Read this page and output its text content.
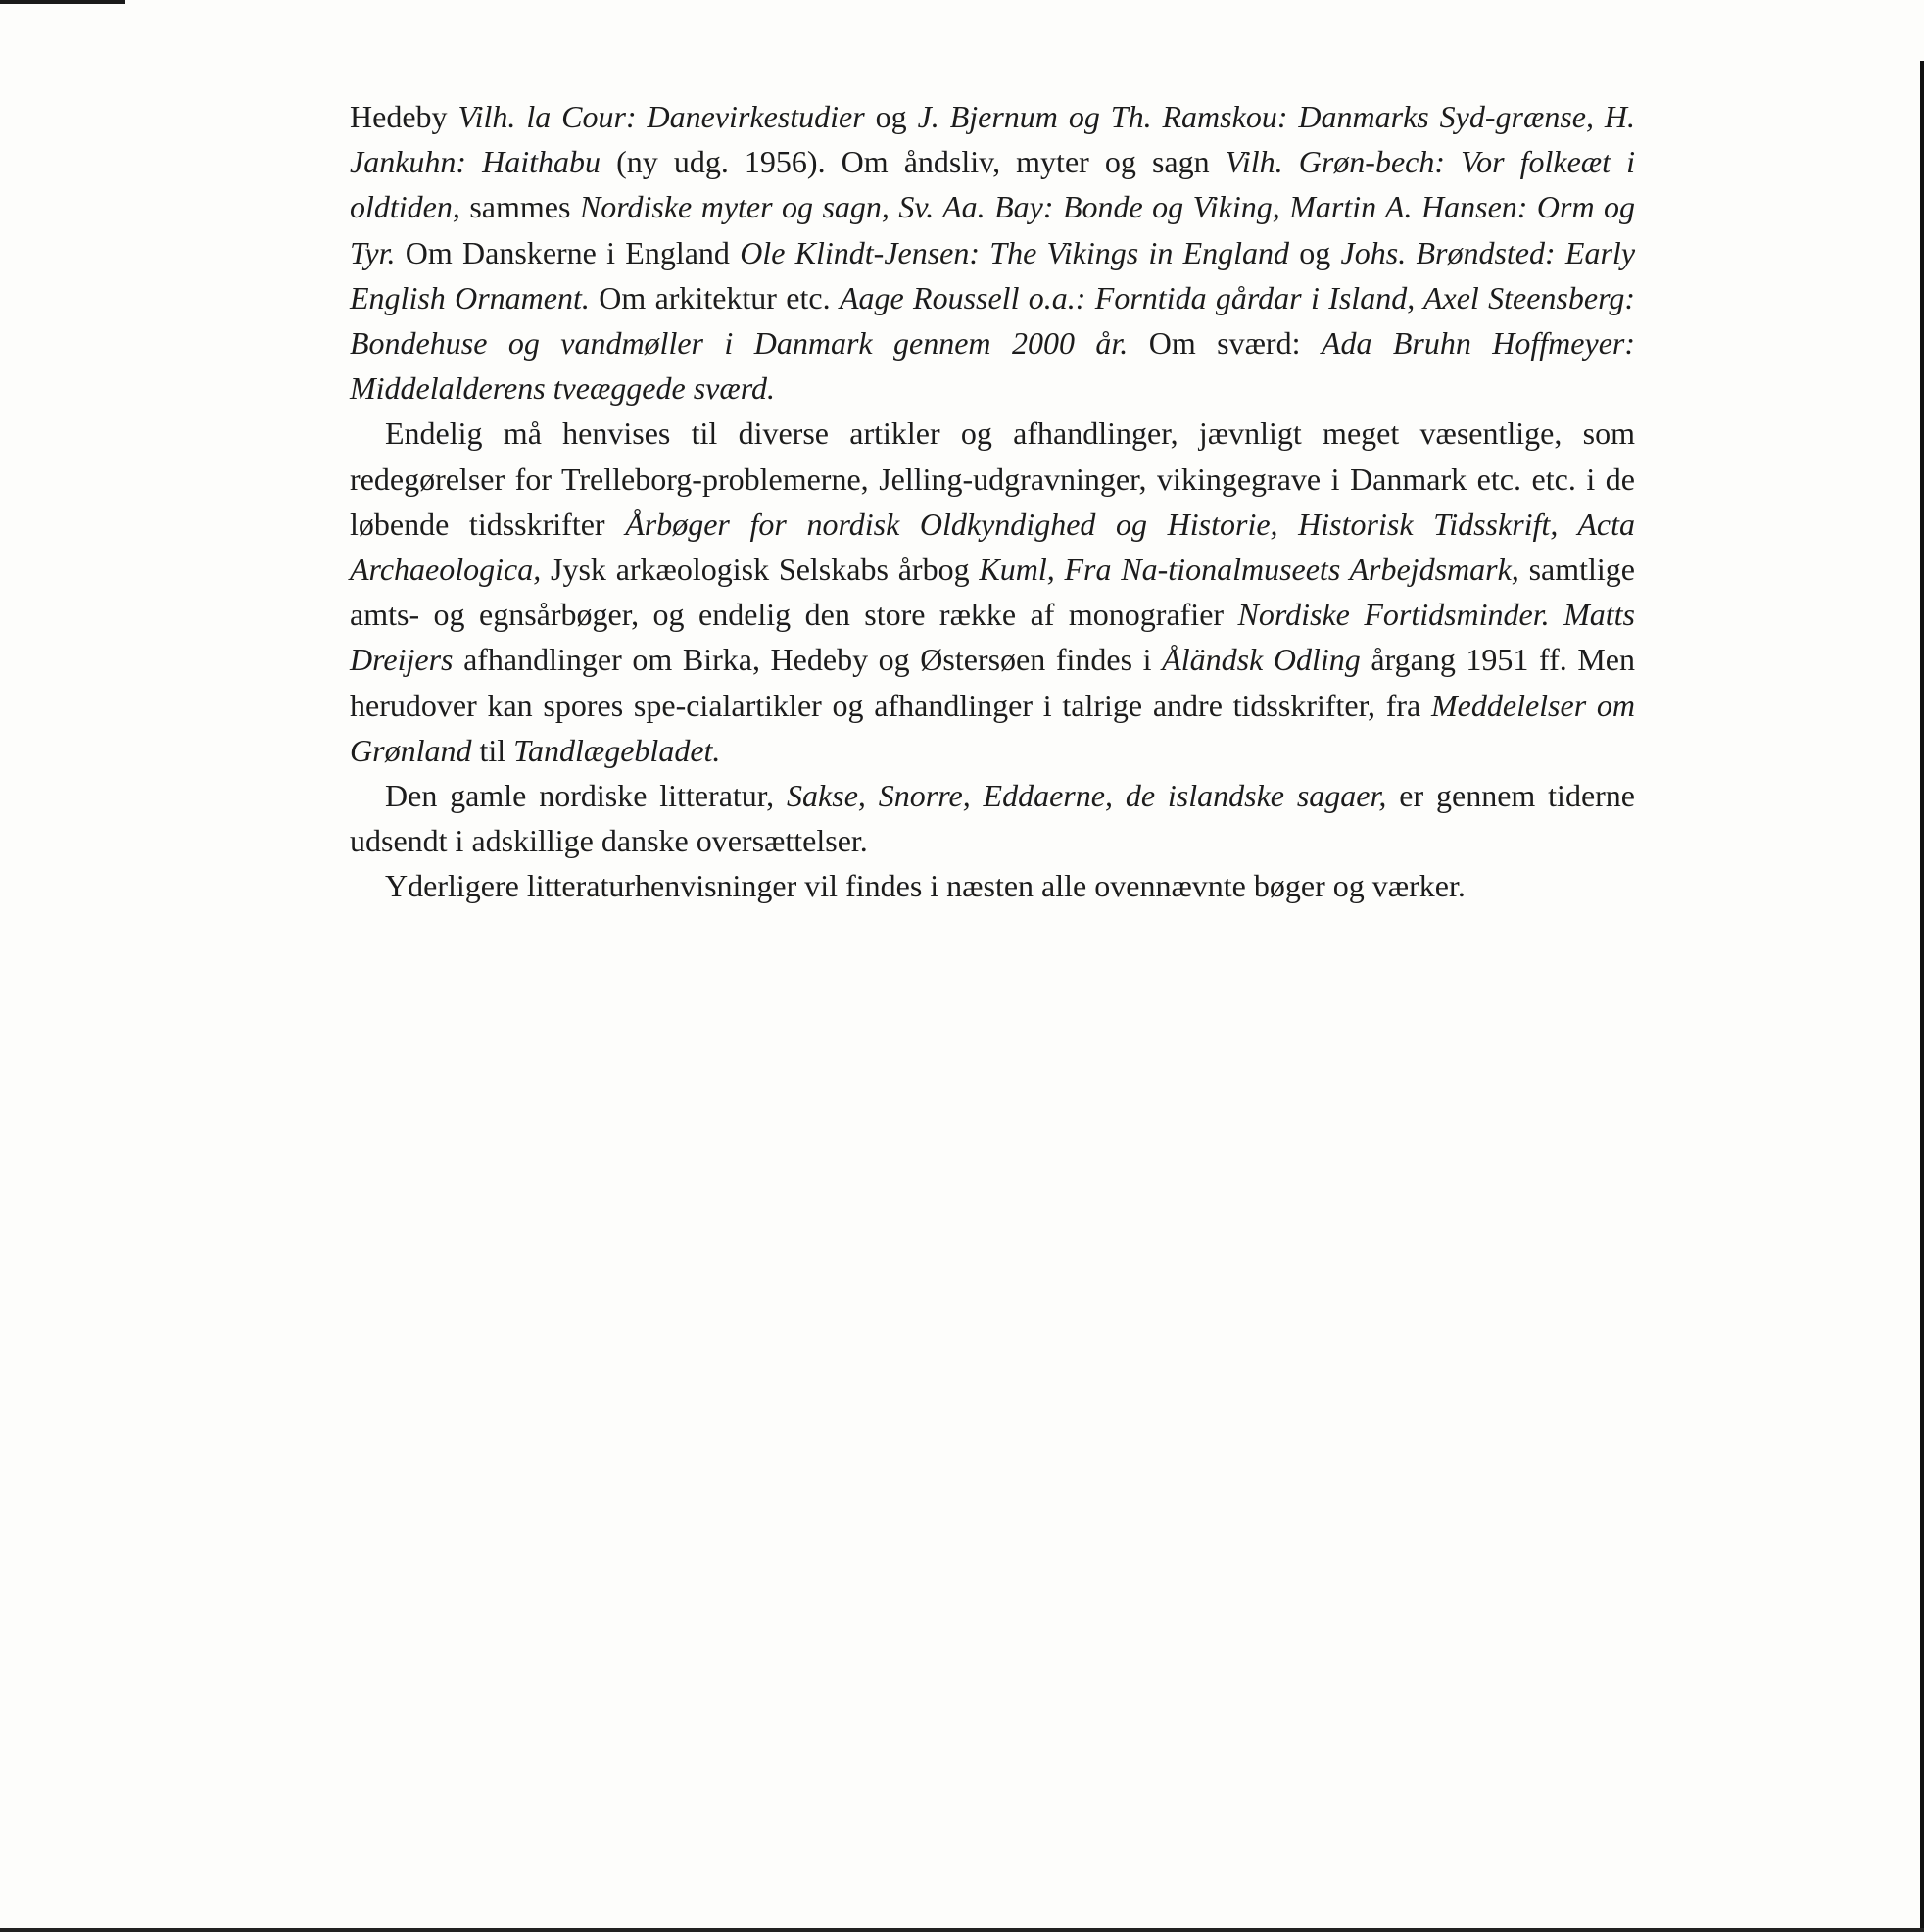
Hedeby Vilh. la Cour: Danevirkestudier og J. Bjernum og Th. Ramskou: Danmarks Syd-grænse, H. Jankuhn: Haithabu (ny udg. 1956). Om åndsliv, myter og sagn Vilh. Grøn-bech: Vor folkeæt i oldtiden, sammes Nordiske myter og sagn, Sv. Aa. Bay: Bonde og Viking, Martin A. Hansen: Orm og Tyr. Om Danskerne i England Ole Klindt-Jensen: The Vikings in England og Johs. Brøndsted: Early English Ornament. Om arkitektur etc. Aage Roussell o.a.: Forntida gårdar i Island, Axel Steensberg: Bondehuse og vandmøller i Danmark gennem 2000 år. Om sværd: Ada Bruhn Hoffmeyer: Middelalderens tveæggede sværd.

Endelig må henvises til diverse artikler og afhandlinger, jævnligt meget væsentlige, som redegørelser for Trelleborg-problemerne, Jelling-udgravninger, vikingegrave i Danmark etc. etc. i de løbende tidsskrifter Årbøger for nordisk Oldkyndighed og Historie, Historisk Tidsskrift, Acta Archaeologica, Jysk arkæologisk Selskabs årbog Kuml, Fra Na-tionalmuseets Arbejdsmark, samtlige amts- og egnsårbøger, og endelig den store række af monografier Nordiske Fortidsminder. Matts Dreijers afhandlinger om Birka, Hedeby og Østersøen findes i Åländsk Odling årgang 1951 ff. Men herudover kan spores spe-cialartikler og afhandlinger i talrige andre tidsskrifter, fra Meddelelser om Grønland til Tandlægebladet.

Den gamle nordiske litteratur, Sakse, Snorre, Eddaerne, de islandske sagaer, er gennem tiderne udsendt i adskillige danske oversættelser.

Yderligere litteraturhenvisninger vil findes i næsten alle ovennævnte bøger og værker.
